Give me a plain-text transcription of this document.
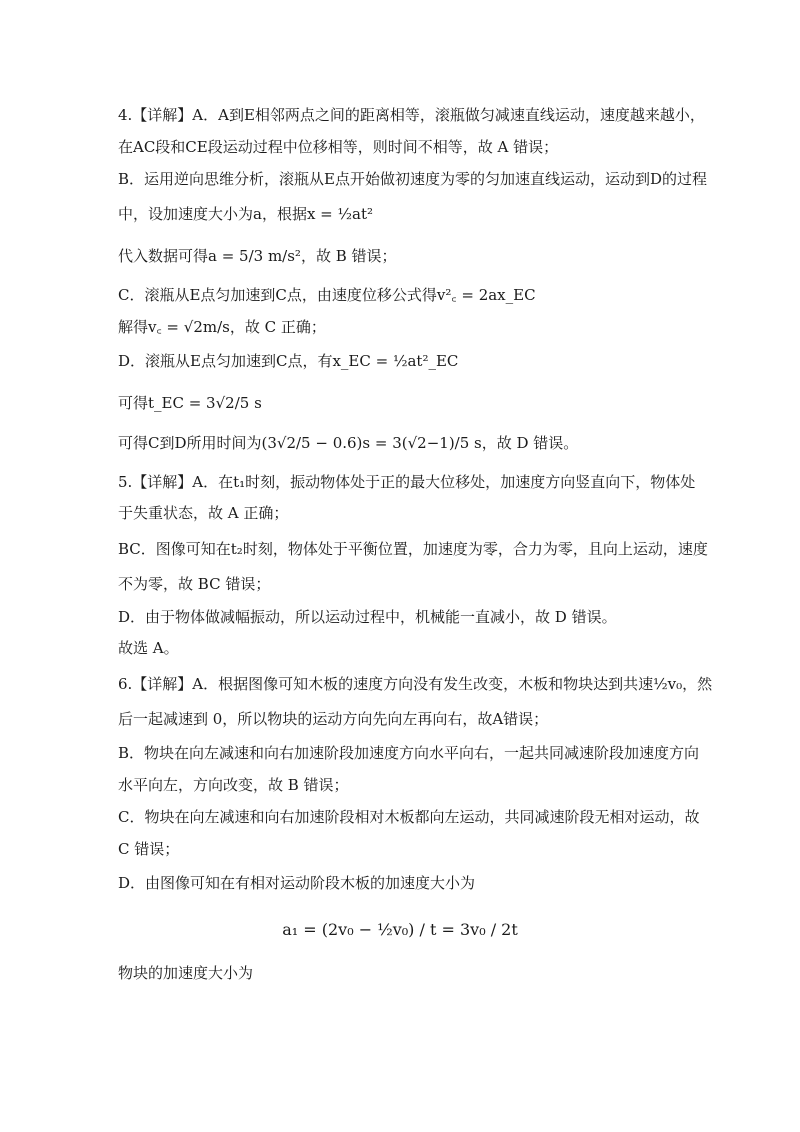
4.【详解】A．A到E相邻两点之间的距离相等，滚瓶做匀减速直线运动，速度越来越小，
在AC段和CE段运动过程中位移相等，则时间不相等，故 A 错误；
B．运用逆向思维分析，滚瓶从E点开始做初速度为零的匀加速直线运动，运动到D的过程
中，设加速度大小为a，根据x = ½at²
代入数据可得a = 5/3 m/s²，故 B 错误；
C．滚瓶从E点匀加速到C点，由速度位移公式得v²꜀ = 2ax_EC
解得v꜀ = √2m/s，故 C 正确；
D．滚瓶从E点匀加速到C点，有x_EC = ½at²_EC
可得t_EC = 3√2/5 s
可得C到D所用时间为(3√2/5 − 0.6)s = 3(√2−1)/5 s，故 D 错误。
5.【详解】A．在t₁时刻，振动物体处于正的最大位移处，加速度方向竖直向下，物体处
于失重状态，故 A 正确；
BC．图像可知在t₂时刻，物体处于平衡位置，加速度为零，合力为零，且向上运动，速度
不为零，故 BC 错误；
D．由于物体做减幅振动，所以运动过程中，机械能一直减小，故 D 错误。
故选 A。
6.【详解】A．根据图像可知木板的速度方向没有发生改变，木板和物块达到共速½v₀，然
后一起减速到 0，所以物块的运动方向先向左再向右，故A错误；
B．物块在向左减速和向右加速阶段加速度方向水平向右，一起共同减速阶段加速度方向
水平向左，方向改变，故 B 错误；
C．物块在向左减速和向右加速阶段相对木板都向左运动，共同减速阶段无相对运动，故
C 错误；
D．由图像可知在有相对运动阶段木板的加速度大小为
a₁ = (2v₀ − ½v₀) / t = 3v₀ / 2t
物块的加速度大小为
